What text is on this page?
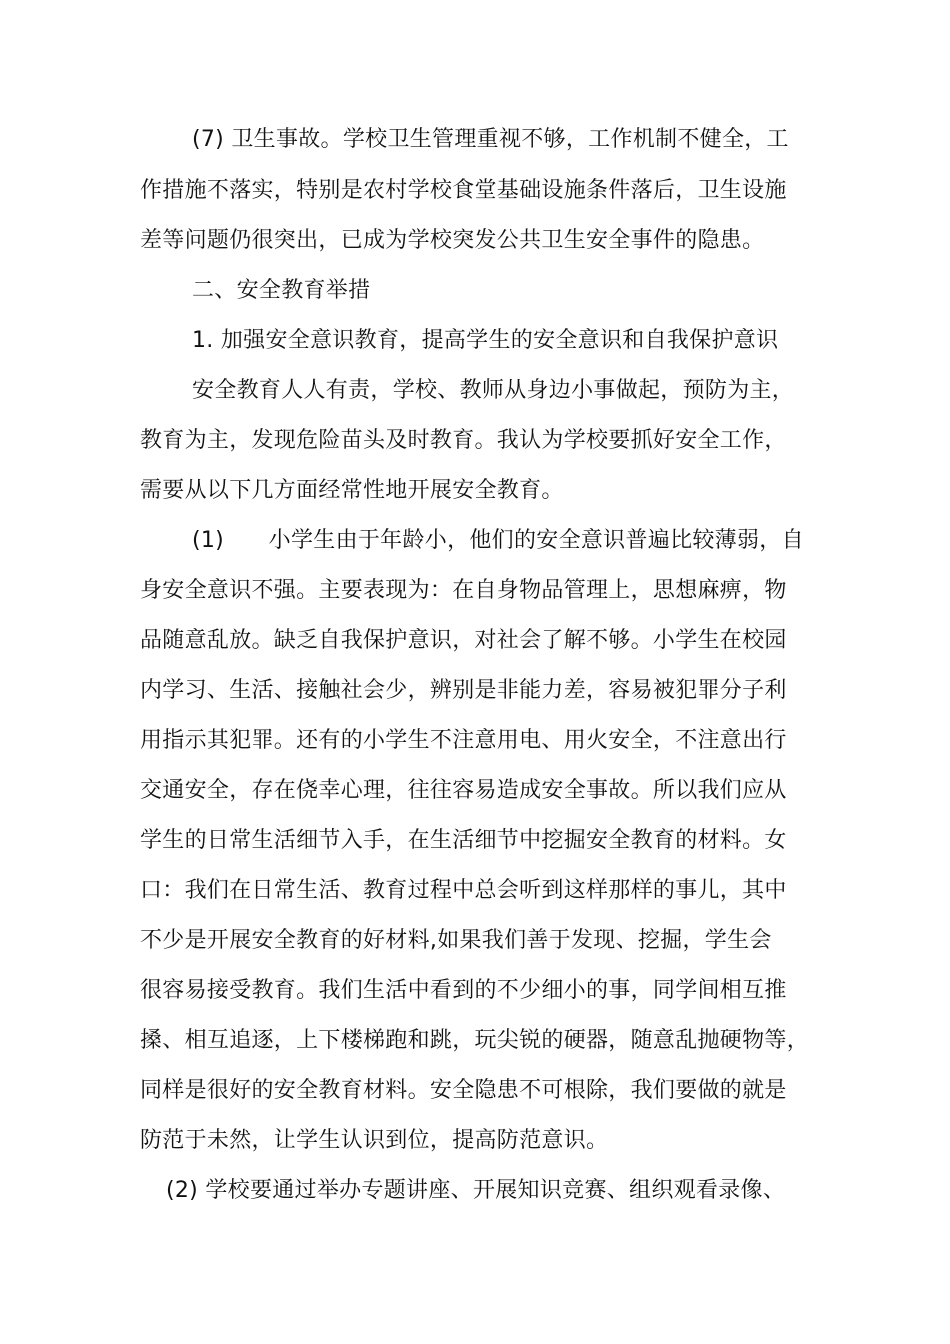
(7) 卫生事故。学校卫生管理重视不够，工作机制不健全，工
作措施不落实，特别是农村学校食堂基础设施条件落后，卫生设施
差等问题仍很突出，已成为学校突发公共卫生安全事件的隐患。
二、安全教育举措
1. 加强安全意识教育，提高学生的安全意识和自我保护意识
安全教育人人有责，学校、教师从身边小事做起，预防为主，
教育为主，发现危险苗头及时教育。我认为学校要抓好安全工作，
需要从以下几方面经常性地开展安全教育。
(1)　　小学生由于年龄小，他们的安全意识普遍比较薄弱，自
身安全意识不强。主要表现为：在自身物品管理上，思想麻痹，物
品随意乱放。缺乏自我保护意识，对社会了解不够。小学生在校园
内学习、生活、接触社会少，辨别是非能力差，容易被犯罪分子利
用指示其犯罪。还有的小学生不注意用电、用火安全，不注意出行
交通安全，存在侥幸心理，往往容易造成安全事故。所以我们应从
学生的日常生活细节入手，在生活细节中挖掘安全教育的材料。女
口：我们在日常生活、教育过程中总会听到这样那样的事儿，其中
不少是开展安全教育的好材料,如果我们善于发现、挖掘，学生会
很容易接受教育。我们生活中看到的不少细小的事，同学间相互推
搡、相互追逐，上下楼梯跑和跳，玩尖锐的硬器，随意乱抛硬物等，
同样是很好的安全教育材料。安全隐患不可根除，我们要做的就是
防范于未然，让学生认识到位，提高防范意识。
(2) 学校要通过举办专题讲座、开展知识竞赛、组织观看录像、
